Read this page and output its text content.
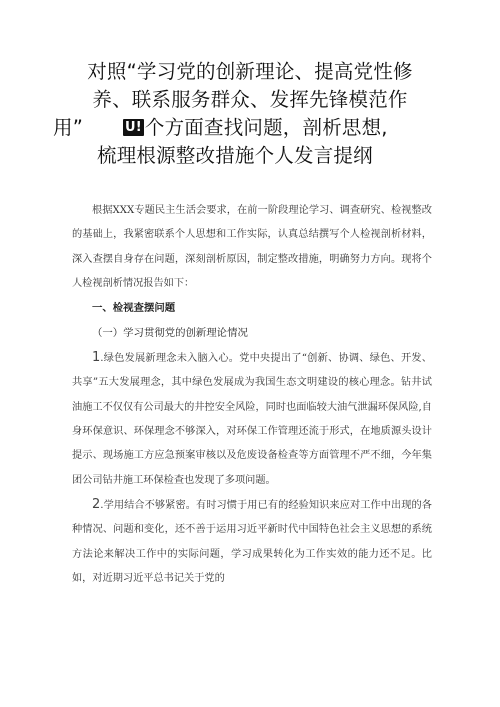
对照“学习党的创新理论、提高党性修
养、联系服务群众、发挥先锋模范作
用”	U! 个方面查找问题，剖析思想,
梳理根源整改措施个人发言提纲

根据XXX专题民主生活会要求，在前一阶段理论学习、调查研究、检视整改的基础上，我紧密联系个人思想和工作实际，认真总结撰写个人检视剖析材料，深入查摆自身存在问题，深刻剖析原因，制定整改措施，明确努力方向。现将个人检视剖析情况报告如下：

一、检视查摆问题

（一）学习贯彻党的创新理论情况

1.绿色发展新理念未入脑入心。党中央提出了“创新、协调、绿色、开发、共享”五大发展理念，其中绿色发展成为我国生态文明建设的核心理念。钻井试油施工不仅仅有公司最大的井控安全风险，同时也面临较大油气泄漏环保风险,自身环保意识、环保理念不够深入，对环保工作管理还流于形式，在地质源头设计提示、现场施工方应急预案审核以及危废设备检查等方面管理不严不细，今年集团公司钻井施工环保检查也发现了多项问题。

2.学用结合不够紧密。有时习惯于用已有的经验知识来应对工作中出现的各种情况、问题和变化，还不善于运用习近平新时代中国特色社会主义思想的系统方法论来解决工作中的实际问题，学习成果转化为工作实效的能力还不足。比如，对近期习近平总书记关于党的
